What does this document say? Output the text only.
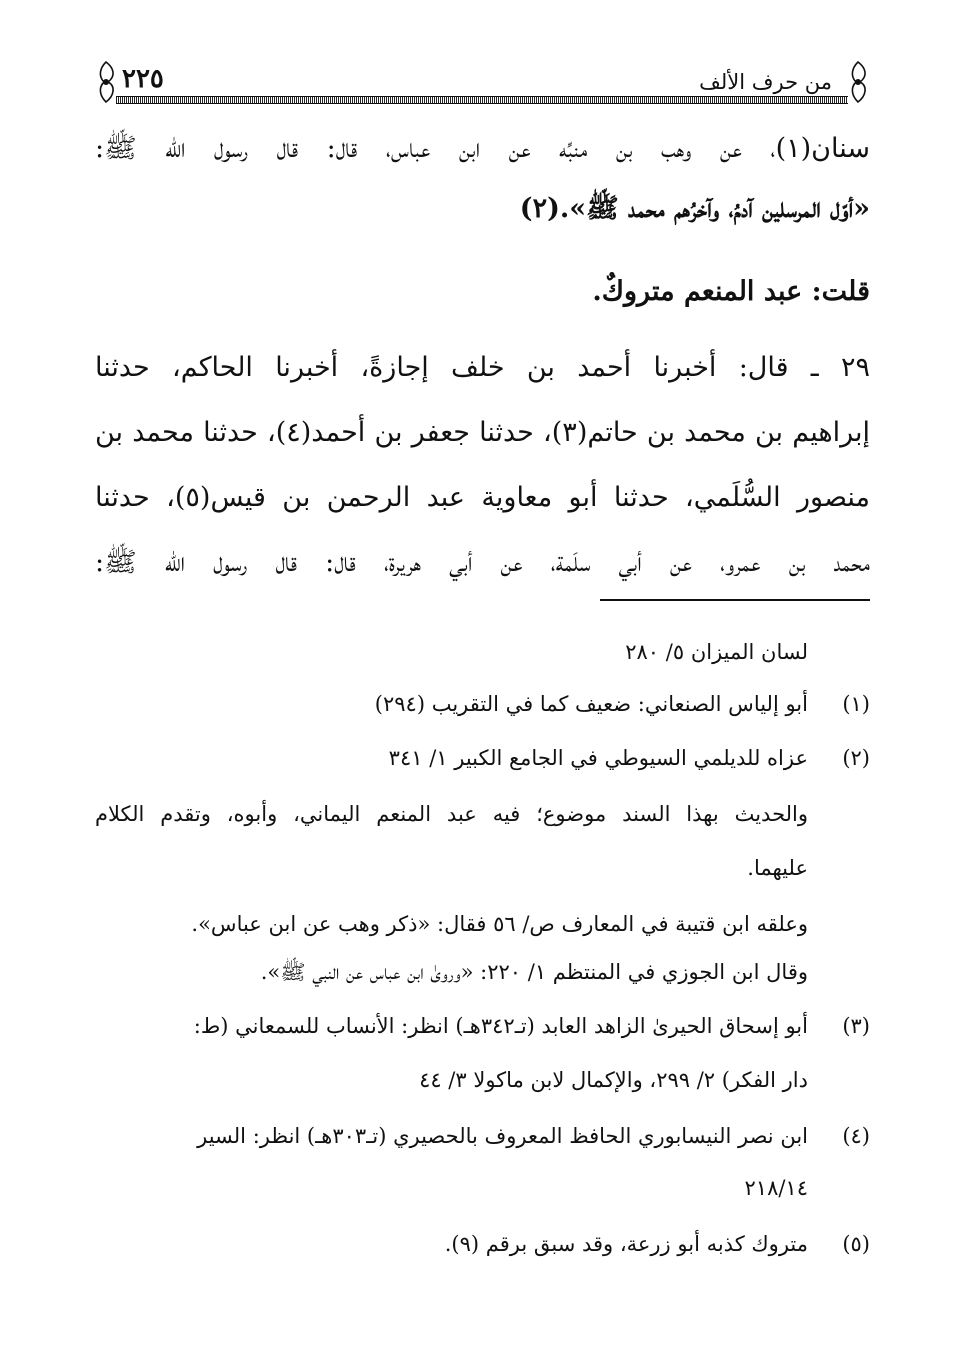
من حرف الألف
٢٢٥
سنان(١)، عن وهب بن منبِّه عن ابن عباس، قال: قال رسول الله ﷺ:
«أوّل المرسلين آدمُ، وآخرُهم محمد ﷺ».(٢)
قلت: عبد المنعم متروكٌ.
٢٩ ـ قال: أخبرنا أحمد بن خلف إجازةً، أخبرنا الحاكم، حدثنا
إبراهيم بن محمد بن حاتم(٣)، حدثنا جعفر بن أحمد(٤)، حدثنا محمد بن
منصور السُّلَمي، حدثنا أبو معاوية عبد الرحمن بن قيس(٥)، حدثنا
محمد بن عمرو، عن أبي سلَمة، عن أبي هريرة، قال: قال رسول الله ﷺ:
لسان الميزان ٥/ ٢٨٠
(١)أبو إلياس الصنعاني: ضعيف كما في التقريب (٢٩٤)
(٢)عزاه للديلمي السيوطي في الجامع الكبير ١/ ٣٤١
والحديث بهذا السند موضوع؛ فيه عبد المنعم اليماني، وأبوه، وتقدم الكلام
عليهما.
وعلقه ابن قتيبة في المعارف ص/ ٥٦ فقال: «ذكر وهب عن ابن عباس».
وقال ابن الجوزي في المنتظم ١/ ٢٢٠: «وروىٰ ابن عباس عن النبي ﷺ».
(٣)أبو إسحاق الحيرىٰ الزاهد العابد (تـ٣٤٢هـ) انظر: الأنساب للسمعاني (ط:
دار الفكر) ٢/ ٢٩٩، والإكمال لابن ماكولا ٣/ ٤٤
(٤)ابن نصر النيسابوري الحافظ المعروف بالحصيري (تـ٣٠٣هـ) انظر: السير
٢١٨/١٤
(٥)متروك كذبه أبو زرعة، وقد سبق برقم (٩).
